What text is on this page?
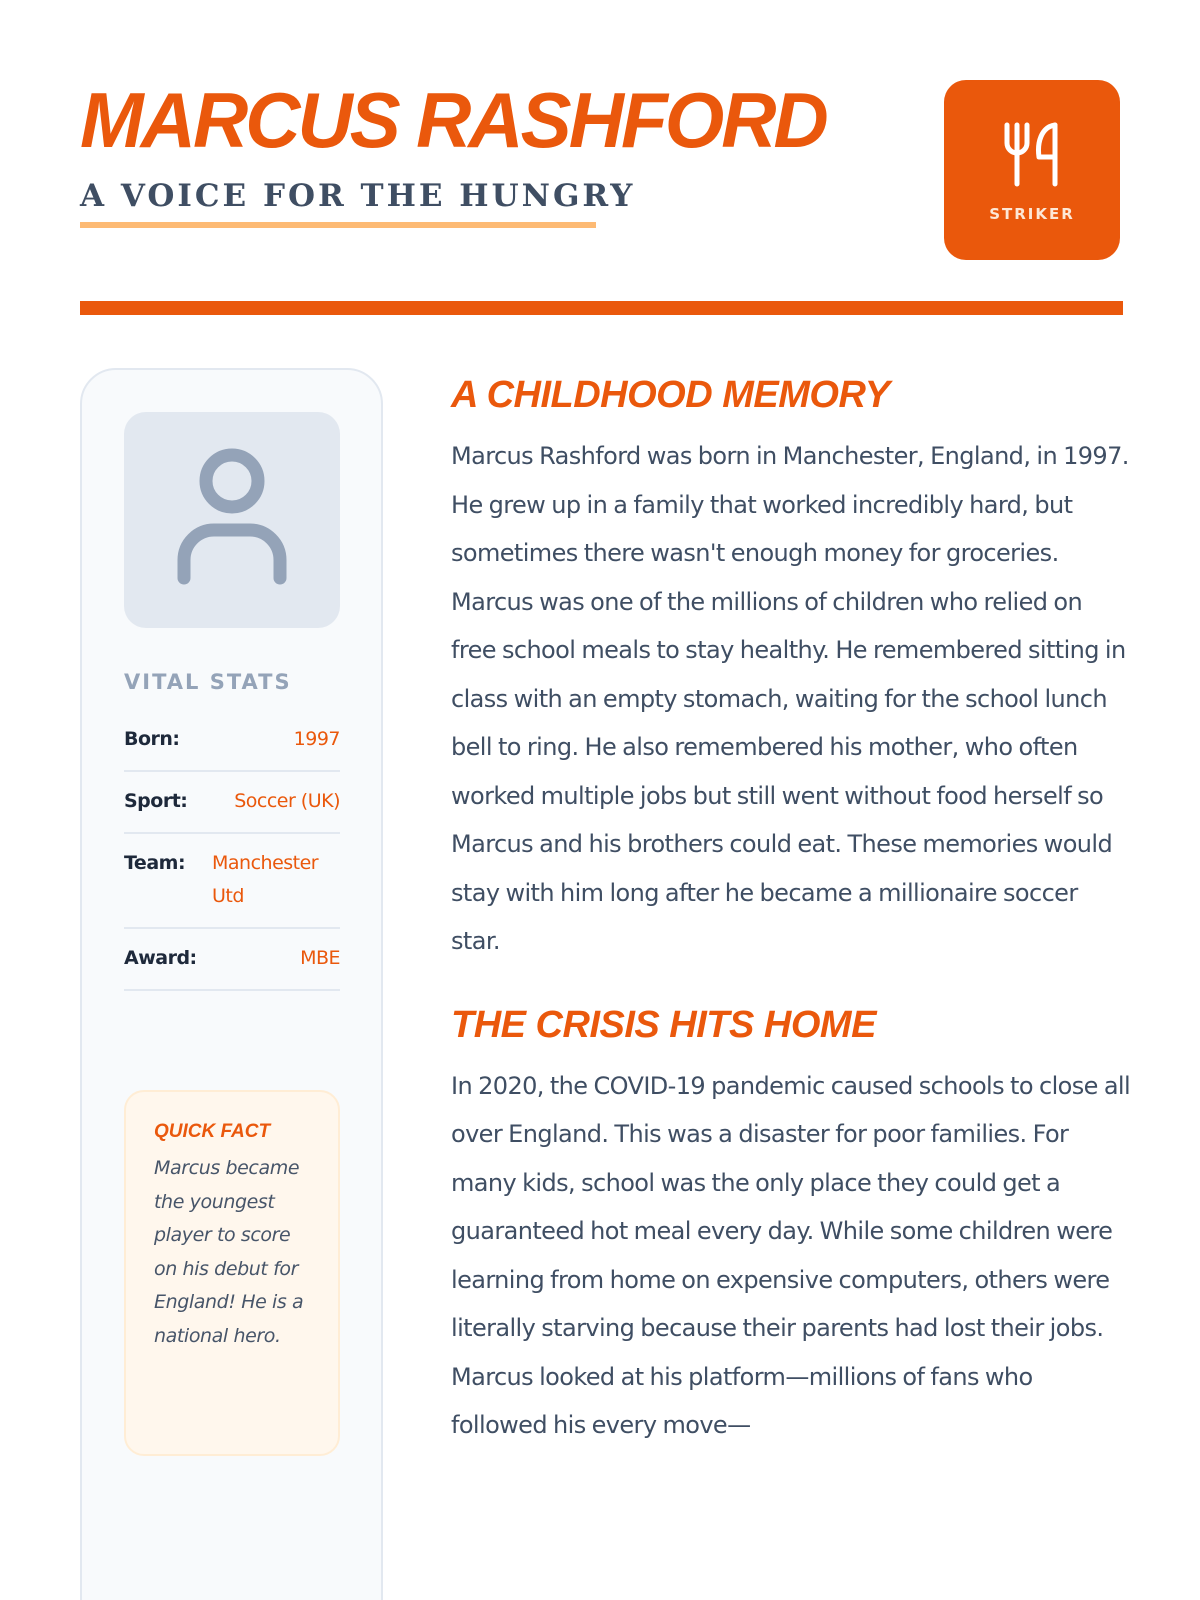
MARCUS RASHFORD
A VOICE FOR THE HUNGRY	STRIKER
VITAL STATS
Born:	1997
Sport: Soccer (UK)
Team: Manchester Utd
Award:	MBE
QUICK FACT
Marcus became the youngest player to score on his debut for England! He is a national hero.
A CHILDHOOD MEMORY

Marcus Rashford was born in Manchester, England, in 1997. He grew up in a family that worked incredibly hard, but sometimes there wasn't enough money for groceries. Marcus was one of the millions of children who relied on free school meals to stay healthy. He remembered sitting in class with an empty stomach, waiting for the school lunch bell to ring. He also remembered his mother, who often worked multiple jobs but still went without food herself so Marcus and his brothers could eat. These memories would stay with him long after he became a millionaire soccer star.

THE CRISIS HITS HOME

In 2020, the COVID-19 pandemic caused schools to close all over England. This was a disaster for poor families. For many kids, school was the only place they could get a guaranteed hot meal every day. While some children were learning from home on expensive computers, others were literally starving because their parents had lost their jobs. Marcus looked at his platform—millions of fans who followed his every move—
